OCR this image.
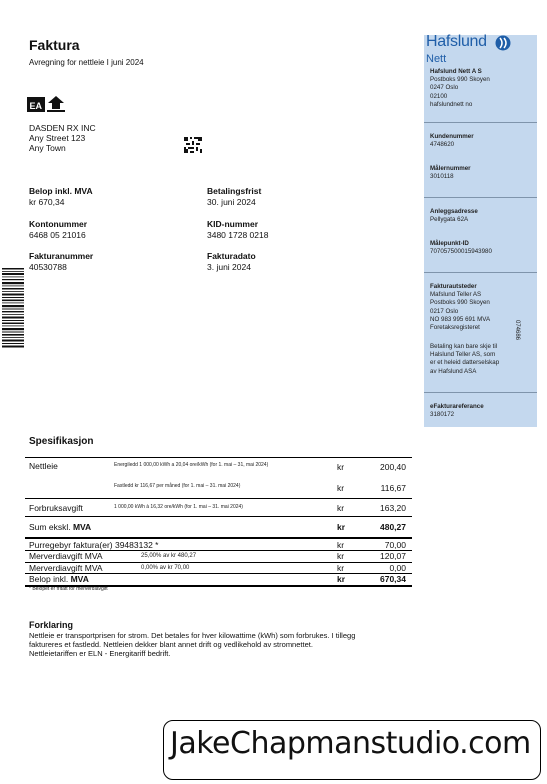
Faktura
Avregning for nettleie I juni 2024
EA
DASDEN RX INC
Any Street 123
Any Town
Belop inkl. MVA
kr 670,34
Betalingsfrist
30. juni 2024
Kontonummer
6468 05 21016
KID-nummer
3480 1728 0218
Fakturanummer
40530788
Fakturadato
3. juni 2024
Hafslund
Nett
Hafslund Nett A S
Postboks 990 Skoyen
0247 Oslo
02100
hafslundnett no
Kundenummer
4748620
Målernummer
3010118
Anleggsadresse
Pellygata 62A
Målepunkt-ID
707057500015943980
Fakturautsteder
Mafslund Teller AS
Postboks 990 Skoyen
0217 Oslo
NO 983 995 691 MVA
Foretaksregisteret
Betaling kan bare skje til
Halslund Teller AS, som
er et heleid datterselskap
av Hafslund ASA
074686
eFakturareferance
3180172
Spesifikasjon
Nettleie	Energiledd 1 000,00 kWh a 20,04 ore/kWh (for 1. mai – 31, mai 2024)	kr	200,40
Fastledd kr 116,67 per måned (for 1. mai – 31. mai 2024)	kr	116,67
Forbruksavgift	1 000,00 kWh à 16,32 ore/kWh (for 1. mai – 31. mai 2024)	kr	163,20
Sum ekskl. MVA	kr	480,27
Purregebyr faktura(er) 39483132 *	kr	70,00
Merverdiavgift MVA	25,00% av kr 480,27	kr	120,07
Merverdiavgift MVA	0,00% av kr 70,00	kr	0,00
Belop inkl. MVA	kr	670,34
* Belopet er fritatt for merverdiavgift
Forklaring
Nettleie er transportprisen for strom. Det betales for hver kilowattime (kWh) som forbrukes. I tillegg
faktureres et fastledd. Nettleien dekker blant annet drift og vedlikehold av stromnettet.
Nettleietariffen er ELN - Energitariff bedrift.
JakeChapmanstudio.com
